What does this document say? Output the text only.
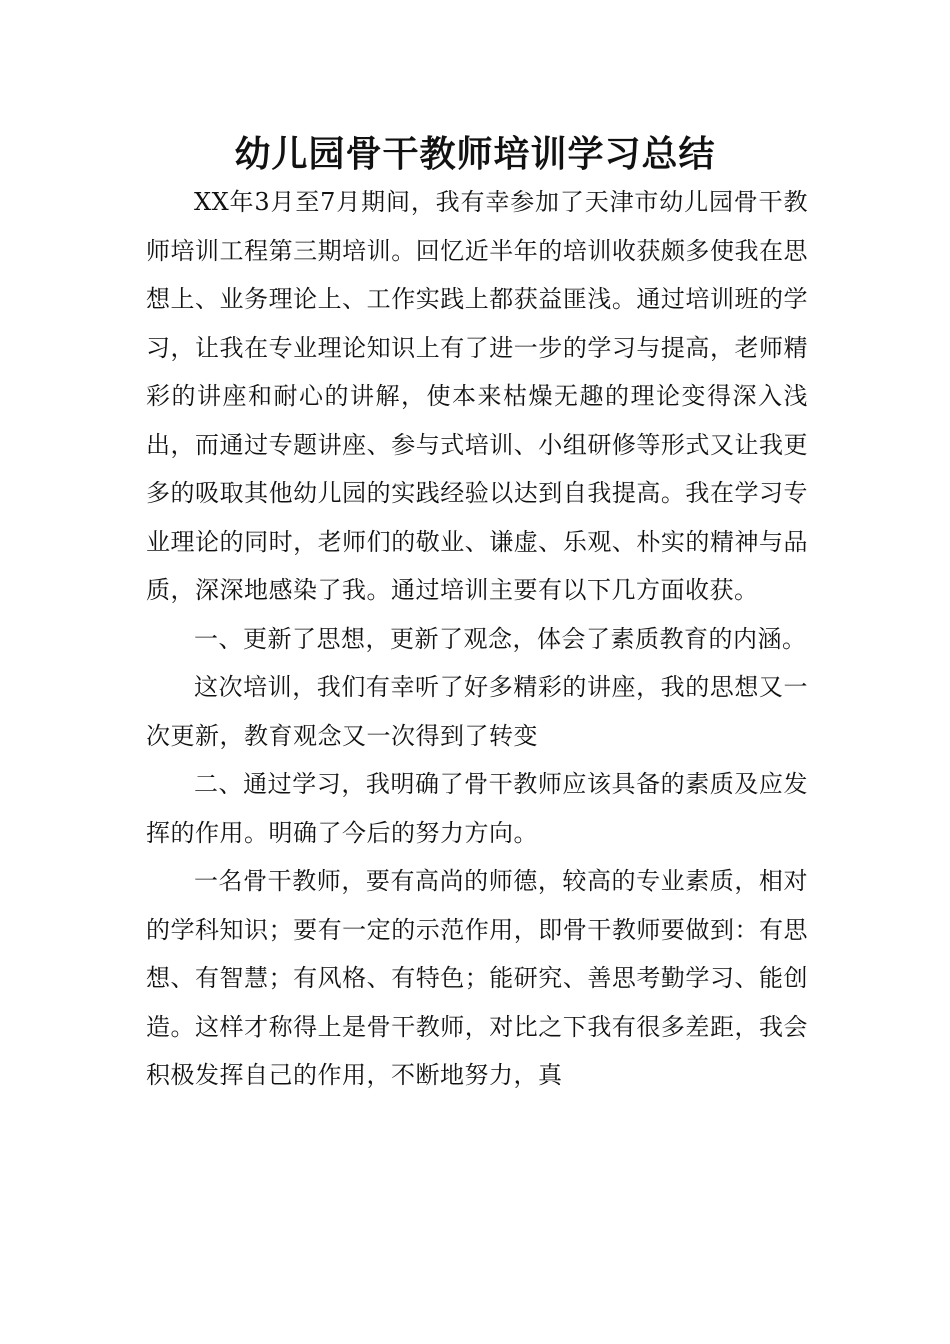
幼儿园骨干教师培训学习总结

XX年3月至7月期间，我有幸参加了天津市幼儿园骨干教师培训工程第三期培训。回忆近半年的培训收获颇多使我在思想上、业务理论上、工作实践上都获益匪浅。通过培训班的学习，让我在专业理论知识上有了进一步的学习与提高，老师精彩的讲座和耐心的讲解，使本来枯燥无趣的理论变得深入浅出，而通过专题讲座、参与式培训、小组研修等形式又让我更多的吸取其他幼儿园的实践经验以达到自我提高。我在学习专业理论的同时，老师们的敬业、谦虚、乐观、朴实的精神与品质，深深地感染了我。通过培训主要有以下几方面收获。

一、更新了思想，更新了观念，体会了素质教育的内涵。

这次培训，我们有幸听了好多精彩的讲座，我的思想又一次更新，教育观念又一次得到了转变

二、通过学习，我明确了骨干教师应该具备的素质及应发挥的作用。明确了今后的努力方向。

一名骨干教师，要有高尚的师德，较高的专业素质，相对的学科知识；要有一定的示范作用，即骨干教师要做到：有思想、有智慧；有风格、有特色；能研究、善思考勤学习、能创造。这样才称得上是骨干教师，对比之下我有很多差距，我会积极发挥自己的作用，不断地努力，真
